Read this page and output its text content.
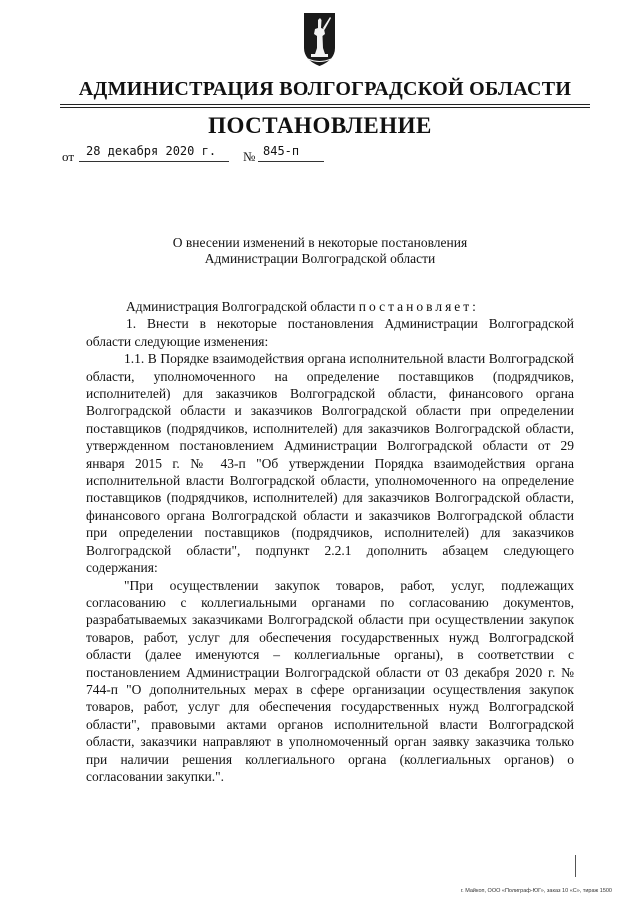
АДМИНИСТРАЦИЯ ВОЛГОГРАДСКОЙ ОБЛАСТИ
ПОСТАНОВЛЕНИЕ
от 28 декабря 2020 г. № 845-п
О внесении изменений в некоторые постановления
Администрации Волгоградской области

Администрация Волгоградской области постановляет:

1. Внести в некоторые постановления Администрации Волгоградской области следующие изменения:

1.1. В Порядке взаимодействия органа исполнительной власти Волгоградской области, уполномоченного на определение поставщиков (подрядчиков, исполнителей) для заказчиков Волгоградской области, финансового органа Волгоградской области и заказчиков Волгоградской области при определении поставщиков (подрядчиков, исполнителей) для заказчиков Волгоградской области, утвержденном постановлением Администрации Волгоградской области от 29 января 2015 г. № 43-п "Об утверждении Порядка взаимодействия органа исполнительной власти Волгоградской области, уполномоченного на определение поставщиков (подрядчиков, исполнителей) для заказчиков Волгоградской области, финансового органа Волгоградской области и заказчиков Волгоградской области при определении поставщиков (подрядчиков, исполнителей) для заказчиков Волгоградской области", подпункт 2.2.1 дополнить абзацем следующего содержания:

"При осуществлении закупок товаров, работ, услуг, подлежащих согласованию с коллегиальными органами по согласованию документов, разрабатываемых заказчиками Волгоградской области при осуществлении закупок товаров, работ, услуг для обеспечения государственных нужд Волгоградской области (далее именуются – коллегиальные органы), в соответствии с постановлением Администрации Волгоградской области от 03 декабря 2020 г. № 744-п "О дополнительных мерах в сфере организации осуществления закупок товаров, работ, услуг для обеспечения государственных нужд Волгоградской области", правовыми актами органов исполнительной власти Волгоградской области, заказчики направляют в уполномоченный орган заявку заказчика только при наличии решения коллегиального органа (коллегиальных органов) о согласовании закупки.".

г. Майкоп, ООО «Полиграф-ЮГ», заказ 10 «С», тираж 1500
